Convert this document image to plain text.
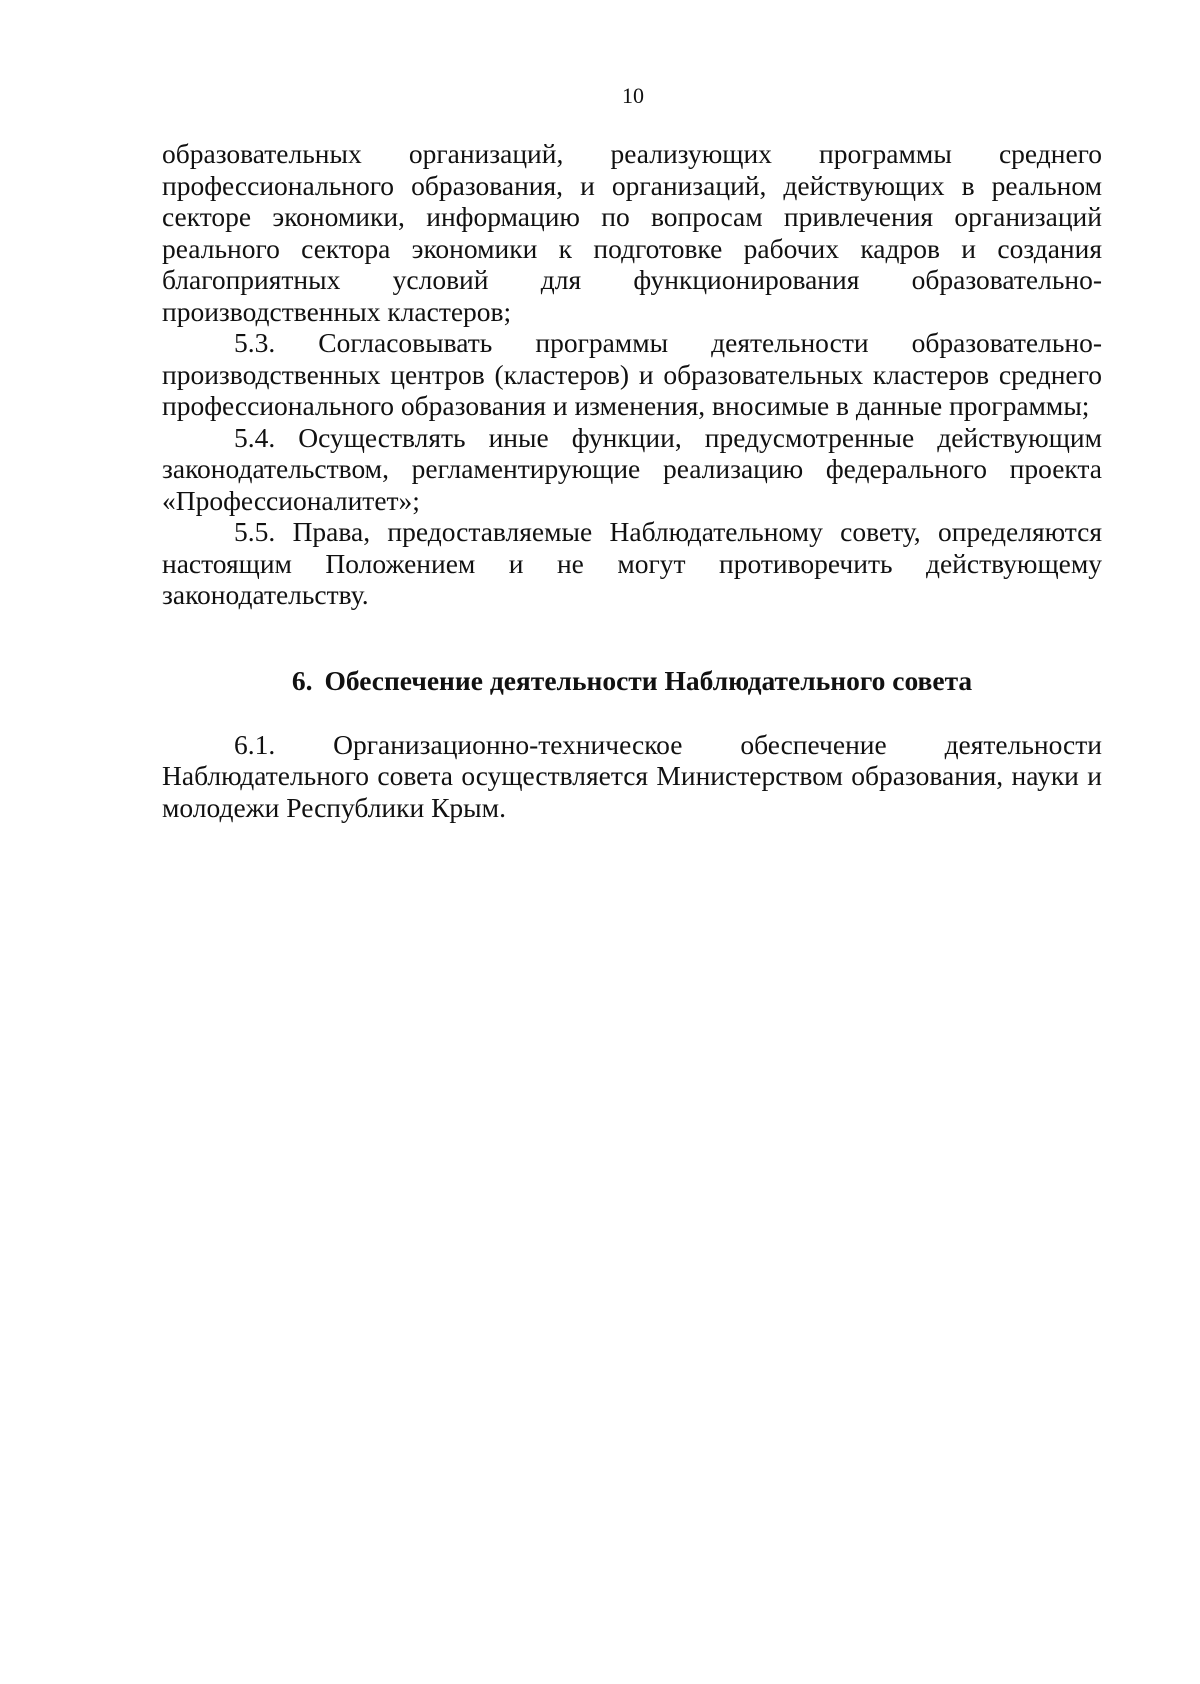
10

образовательных организаций, реализующих программы среднего профессионального образования, и организаций, действующих в реальном секторе экономики, информацию по вопросам привлечения организаций реального сектора экономики к подготовке рабочих кадров и создания благоприятных условий для функционирования образовательно-производственных кластеров;

5.3. Согласовывать программы деятельности образовательно-производственных центров (кластеров) и образовательных кластеров среднего профессионального образования и изменения, вносимые в данные программы;

5.4. Осуществлять иные функции, предусмотренные действующим законодательством, регламентирующие реализацию федерального проекта «Профессионалитет»;

5.5. Права, предоставляемые Наблюдательному совету, определяются настоящим Положением и не могут противоречить действующему законодательству.

6. Обеспечение деятельности Наблюдательного совета

6.1. Организационно-техническое обеспечение деятельности Наблюдательного совета осуществляется Министерством образования, науки и молодежи Республики Крым.
